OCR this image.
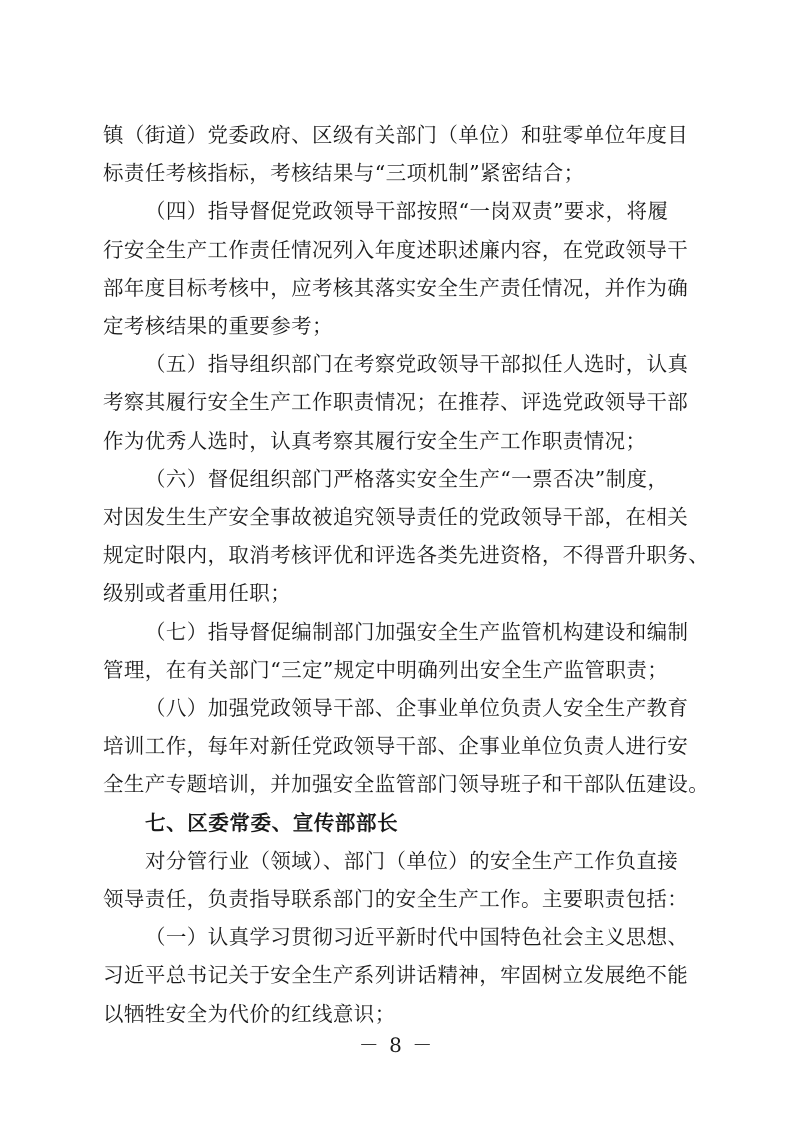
镇（街道）党委政府、区级有关部门（单位）和驻零单位年度目
标责任考核指标，考核结果与“三项机制”紧密结合；
（四）指导督促党政领导干部按照“一岗双责”要求，将履
行安全生产工作责任情况列入年度述职述廉内容，在党政领导干
部年度目标考核中，应考核其落实安全生产责任情况，并作为确
定考核结果的重要参考；
（五）指导组织部门在考察党政领导干部拟任人选时，认真
考察其履行安全生产工作职责情况；在推荐、评选党政领导干部
作为优秀人选时，认真考察其履行安全生产工作职责情况；
（六）督促组织部门严格落实安全生产“一票否决”制度，
对因发生生产安全事故被追究领导责任的党政领导干部，在相关
规定时限内，取消考核评优和评选各类先进资格，不得晋升职务、
级别或者重用任职；
（七）指导督促编制部门加强安全生产监管机构建设和编制
管理，在有关部门“三定”规定中明确列出安全生产监管职责；
（八）加强党政领导干部、企事业单位负责人安全生产教育
培训工作，每年对新任党政领导干部、企事业单位负责人进行安
全生产专题培训，并加强安全监管部门领导班子和干部队伍建设。
七、区委常委、宣传部部长
对分管行业（领域）、部门（单位）的安全生产工作负直接
领导责任，负责指导联系部门的安全生产工作。主要职责包括：
（一）认真学习贯彻习近平新时代中国特色社会主义思想、
习近平总书记关于安全生产系列讲话精神，牢固树立发展绝不能
以牺牲安全为代价的红线意识；
－ 8 －
